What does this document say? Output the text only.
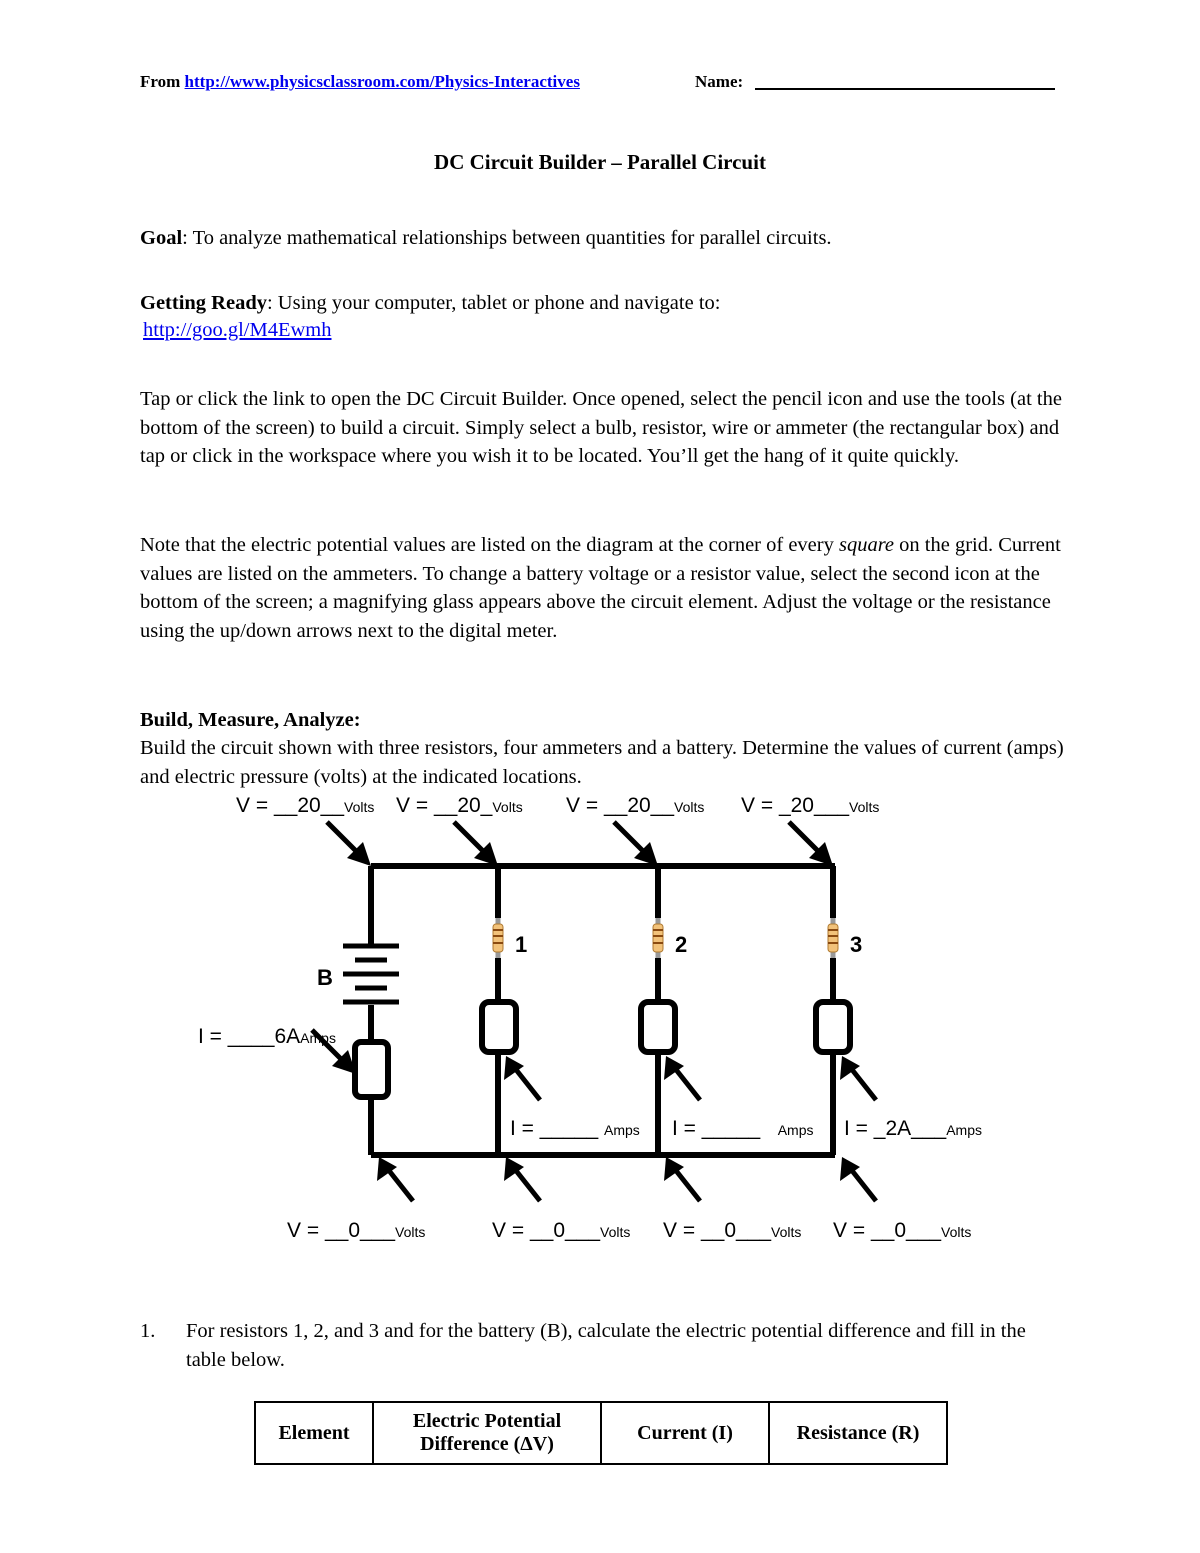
From http://www.physicsclassroom.com/Physics-Interactives	Name:
DC Circuit Builder – Parallel Circuit
Goal: To analyze mathematical relationships between quantities for parallel circuits.
Getting Ready: Using your computer, tablet or phone and navigate to:
http://goo.gl/M4Ewmh
Tap or click the link to open the DC Circuit Builder. Once opened, select the pencil icon and use the tools (at the bottom of the screen) to build a circuit. Simply select a bulb, resistor, wire or ammeter (the rectangular box) and tap or click in the workspace where you wish it to be located. You’ll get the hang of it quite quickly.
Note that the electric potential values are listed on the diagram at the corner of every square on the grid. Current values are listed on the ammeters. To change a battery voltage or a resistor value, select the second icon at the bottom of the screen; a magnifying glass appears above the circuit element. Adjust the voltage or the resistance using the up/down arrows next to the digital meter.
Build, Measure, Analyze:
Build the circuit shown with three resistors, four ammeters and a battery. Determine the values of current (amps) and electric pressure (volts) at the indicated locations.
V = __20__Volts V = __20_Volts V = __20__Volts V = _20___Volts
1	2	3
B
I = ____6AAmps
I = _____ Amps I = _____ Amps I = _2A___Amps
V = __0___Volts	V = __0___Volts V = __0___Volts V = __0___Volts
1.	For resistors 1, 2, and 3 and for the battery (B), calculate the electric potential difference and fill in the table below.
Element	Electric Potential Difference (ΔV)	Current (I)	Resistance (R)
